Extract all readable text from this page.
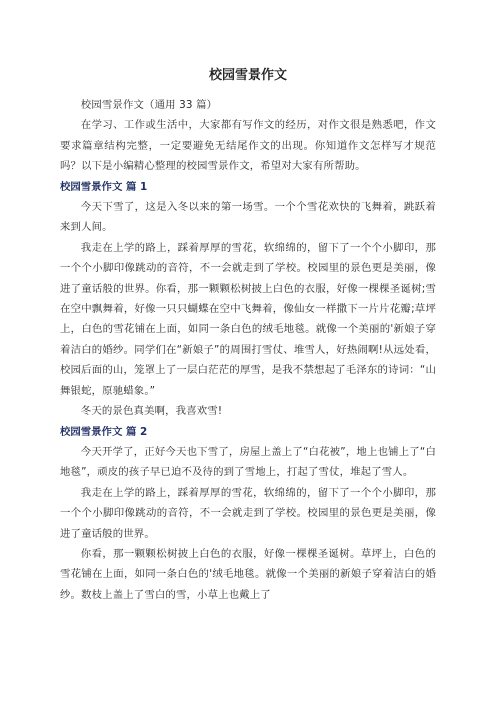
校园雪景作文

校园雪景作文（通用 33 篇）

在学习、工作或生活中，大家都有写作文的经历，对作文很是熟悉吧，作文要求篇章结构完整，一定要避免无结尾作文的出现。你知道作文怎样写才规范吗？以下是小编精心整理的校园雪景作文，希望对大家有所帮助。

校园雪景作文 篇 1

今天下雪了，这是入冬以来的第一场雪。一个个雪花欢快的飞舞着，跳跃着来到人间。

我走在上学的路上，踩着厚厚的雪花，软绵绵的，留下了一个个小脚印，那一个个小脚印像跳动的音符，不一会就走到了学校。校园里的景色更是美丽，像进了童话般的世界。你看，那一颗颗松树披上白色的衣服，好像一棵棵圣诞树;雪在空中飘舞着，好像一只只蝴蝶在空中飞舞着，像仙女一样撒下一片片花瓣;草坪上，白色的雪花铺在上面，如同一条白色的绒毛地毯。就像一个美丽的'新娘子穿着洁白的婚纱。同学们在“新娘子”的周围打雪仗、堆雪人，好热闹啊!从远处看，校园后面的山，笼罩上了一层白茫茫的厚雪，是我不禁想起了毛泽东的诗词：“山舞银蛇，原驰蜡象。”

冬天的景色真美啊，我喜欢雪!

校园雪景作文 篇 2

今天开学了，正好今天也下雪了，房屋上盖上了“白花被”，地上也铺上了“白地毯”，顽皮的孩子早已迫不及待的到了雪地上，打起了雪仗，堆起了雪人。

我走在上学的路上，踩着厚厚的雪花，软绵绵的，留下了一个个小脚印，那一个个小脚印像跳动的音符，不一会就走到了学校。校园里的景色更是美丽，像进了童话般的世界。

你看，那一颗颗松树披上白色的衣服，好像一棵棵圣诞树。草坪上，白色的雪花铺在上面，如同一条白色的'绒毛地毯。就像一个美丽的新娘子穿着洁白的婚纱。数枝上盖上了雪白的雪，小草上也戴上了
